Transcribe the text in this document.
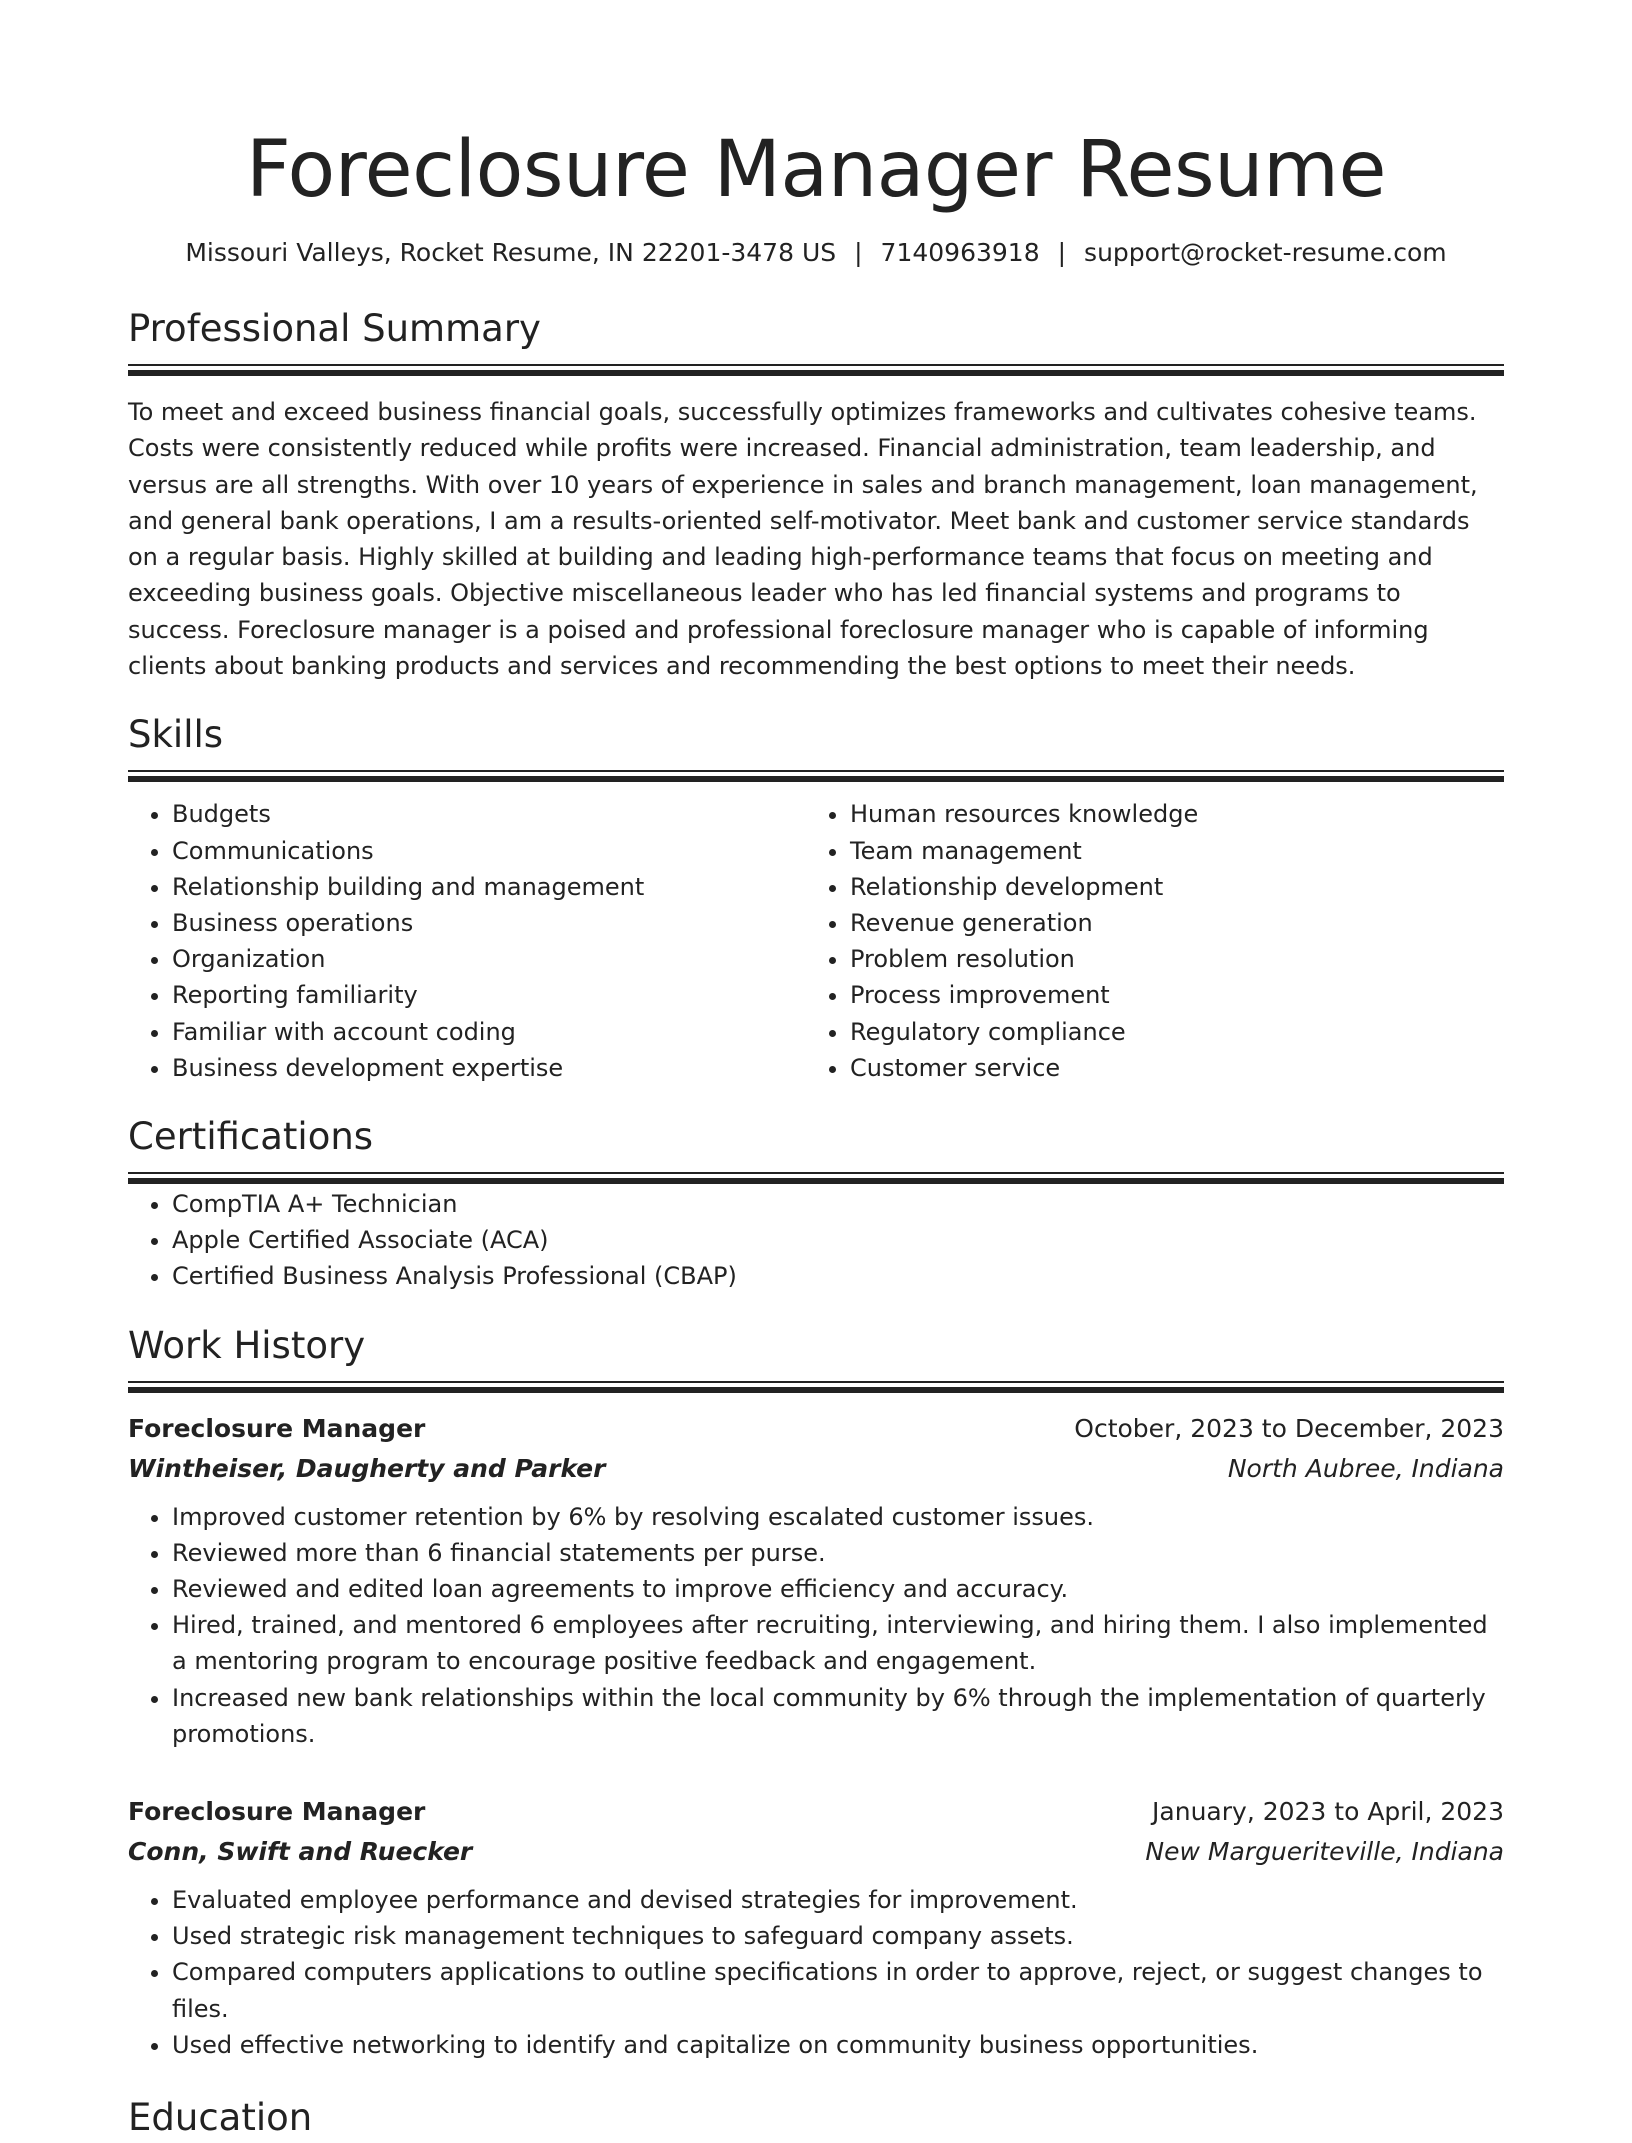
Foreclosure Manager Resume
Missouri Valleys, Rocket Resume, IN 22201-3478 US | 7140963918 | support@rocket-resume.com
Professional Summary

To meet and exceed business financial goals, successfully optimizes frameworks and cultivates cohesive teams. Costs were consistently reduced while profits were increased. Financial administration, team leadership, and versus are all strengths. With over 10 years of experience in sales and branch management, loan management, and general bank operations, I am a results-oriented self-motivator. Meet bank and customer service standards on a regular basis. Highly skilled at building and leading high-performance teams that focus on meeting and exceeding business goals. Objective miscellaneous leader who has led financial systems and programs to success. Foreclosure manager is a poised and professional foreclosure manager who is capable of informing clients about banking products and services and recommending the best options to meet their needs.

Skills
• Budgets
• Communications
• Relationship building and management
• Business operations
• Organization
• Reporting familiarity
• Familiar with account coding
• Business development expertise
• Human resources knowledge
• Team management
• Relationship development
• Revenue generation
• Problem resolution
• Process improvement
• Regulatory compliance
• Customer service
Certifications
• CompTIA A+ Technician
• Apple Certified Associate (ACA)
• Certified Business Analysis Professional (CBAP)
Work History
Foreclosure Manager	October, 2023 to December, 2023
Wintheiser, Daugherty and Parker	North Aubree, Indiana
• Improved customer retention by 6% by resolving escalated customer issues.
• Reviewed more than 6 financial statements per purse.
• Reviewed and edited loan agreements to improve efficiency and accuracy.
• Hired, trained, and mentored 6 employees after recruiting, interviewing, and hiring them. I also implemented a mentoring program to encourage positive feedback and engagement.
• Increased new bank relationships within the local community by 6% through the implementation of quarterly promotions.
Foreclosure Manager	January, 2023 to April, 2023
Conn, Swift and Ruecker	New Margueriteville, Indiana
• Evaluated employee performance and devised strategies for improvement.
• Used strategic risk management techniques to safeguard company assets.
• Compared computers applications to outline specifications in order to approve, reject, or suggest changes to files.
• Used effective networking to identify and capitalize on community business opportunities.
Education
